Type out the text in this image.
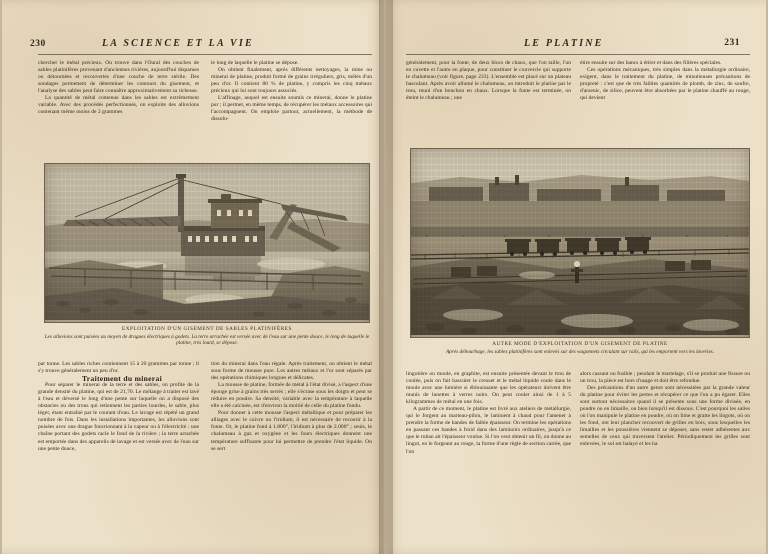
230	LA SCIENCE ET LA VIE

chercher le métal précieux. On trouve dans l'Oural des couches de sables platinifères provenant d'anciennes rivières, aujourd'hui disparues ou détournées et recouvertes d'une couche de terre stérile. Des sondages permettent de déterminer les contours du gisement, et l'analyse des sables peut faire connaître approximativement sa richesse.

La quantité de métal contenue dans les sables est extrêmement variable. Avec des procédés perfectionnés, on exploite des alluvions contenant même moins de 2 grammes

le long de laquelle le platine se dépose.

On obtient finalement, après différents nettoyages, la mine ou minerai de platine, produit formé de grains irréguliers, gris, mêlés d'un peu d'or. Il contient 80 % de platine, y compris les cinq métaux précieux qui lui sont toujours associés.

L'affinage, auquel est ensuite soumis ce minerai, donne le platine pur ; il permet, en même temps, de récupérer les métaux accessoires qui l'accompagnent. On emploie partout, actuellement, la méthode de dissolu-

EXPLOITATION D'UN GISEMENT DE SABLES PLATINIFÈRES
Les alluvions sont puisées au moyen de dragues électriques à godets. La terre arrachée est versée avec de l'eau sur une pente douce, le long de laquelle le platine, très lourd, se dépose.

par tonne. Les sables riches contiennent 15 à 20 grammes par tonne ; il s'y trouve généralement un peu d'or.

Traitement du minerai

Pour séparer le minerai de la terre et des sables, on profite de la grande densité du platine, qui est de 21,70. Le mélange à traiter est lavé à l'eau et déversé le long d'une pente sur laquelle on a disposé des obstacles ou des trous qui retiennent les parties lourdes, le sable, plus léger, étant entraîné par le courant d'eau. Le lavage est répété un grand nombre de fois. Dans les installations importantes, les alluvions sont puisées avec une drague fonctionnant à la vapeur ou à l'électricité : une chaîne portant des godets racle le fond de la rivière ; la terre arrachée est emportée dans des appareils de lavage et est versée avec de l'eau sur une pente douce,

tion du minerai dans l'eau régale. Après traitement, on obtient le métal sous forme de mousse pure. Les autres métaux et l'or sont séparés par des opérations chimiques longues et délicates.

La mousse de platine, formée de métal à l'état divisé, a l'aspect d'une éponge grise à grains très serrés ; elle s'écrase sous les doigts et peut se réduire en poudre. Sa densité, variable avec la température à laquelle elle a été calcinée, est d'environ la moitié de celle du platine fondu.

Pour donner à cette mousse l'aspect métallique et pour préparer les alliages avec le cuivre ou l'iridium, il est nécessaire de recourir à la fonte. Or, le platine fond à 1.800°, l'iridium à plus de 2.000° ; seuls, le chalumeau à gaz et oxygène et les fours électriques donnent une température suffisante pour lui permettre de prendre l'état liquide. On se sert

LE PLATINE	231

généralement, pour la fonte, de deux blocs de chaux, que l'on taille, l'un en cuvette et l'autre en plaque, pour constituer le couvercle qui supporte le chalumeau (voir figure, page 233). L'ensemble est placé sur un plateau basculant. Après avoir allumé le chalumeau, on introduit le platine par le trou, muni d'un bouchon en chaux. Lorsque la fonte est terminée, on éteint le chalumeau ; une

étire ensuite sur des bancs à étirer et dans des filières spéciales.

Ces opérations mécaniques, très simples dans la métallurgie ordinaire, exigent, dans le traitement du platine, de minutieuses précautions de propreté : c'est que de très faibles quantités de plomb, de zinc, de soufre, d'arsenic, de silice, peuvent être absorbées par le platine chauffé au rouge, qui devient

AUTRE MODE D'EXPLOITATION D'UN GISEMENT DE PLATINE
Après débourbage, les sables platinifères sont enlevés sur des wagonnets circulant sur rails, qui les emportent vers les laveries.

lingotière ou moule, en graphite, est ensuite présentée devant le trou de coulée, puis on fait basculer le creuset et le métal liquide coule dans le moule avec une lumière si éblouissante que les opérateurs doivent être munis de lunettes à verres noirs. On peut couler ainsi de 1 à 5 kilogrammes de métal en une fois.

A partir de ce moment, le platine est livré aux ateliers de métallurgie, qui le forgent au marteau-pilon, le laminent à chaud pour l'amener à prendre la forme de bandes de faible épaisseur. On termine les opérations en passant ces bandes à froid dans des laminoirs ordinaires, jusqu'à ce que le ruban ait l'épaisseur voulue. Si l'on veut obtenir un fil, on donne au lingot, en le forgeant au rouge, la forme d'une règle de section carrée, que l'on

alors cassant ou fusible ; pendant le martelage, s'il se produit une fissure ou un trou, la pièce est hors d'usage et doit être refondue.

Des précautions d'un autre genre sont nécessitées par la grande valeur du platine pour éviter les pertes et récupérer ce que l'on a pu égarer. Elles sont surtout nécessaires quand il se présente sous une forme divisée, en poudre ou en limaille, ou bien lorsqu'il est dissous. C'est pourquoi les salles où l'on manipule le platine en poudre, où on lime et gratte les lingots, où on les fond, ont leur plancher recouvert de grilles en bois, sous lesquelles les limailles et les poussières viennent se déposer, sans rester adhérentes aux semelles de ceux qui traversent l'atelier. Périodiquement les grilles sont enlevées, le sol est balayé et les ba
